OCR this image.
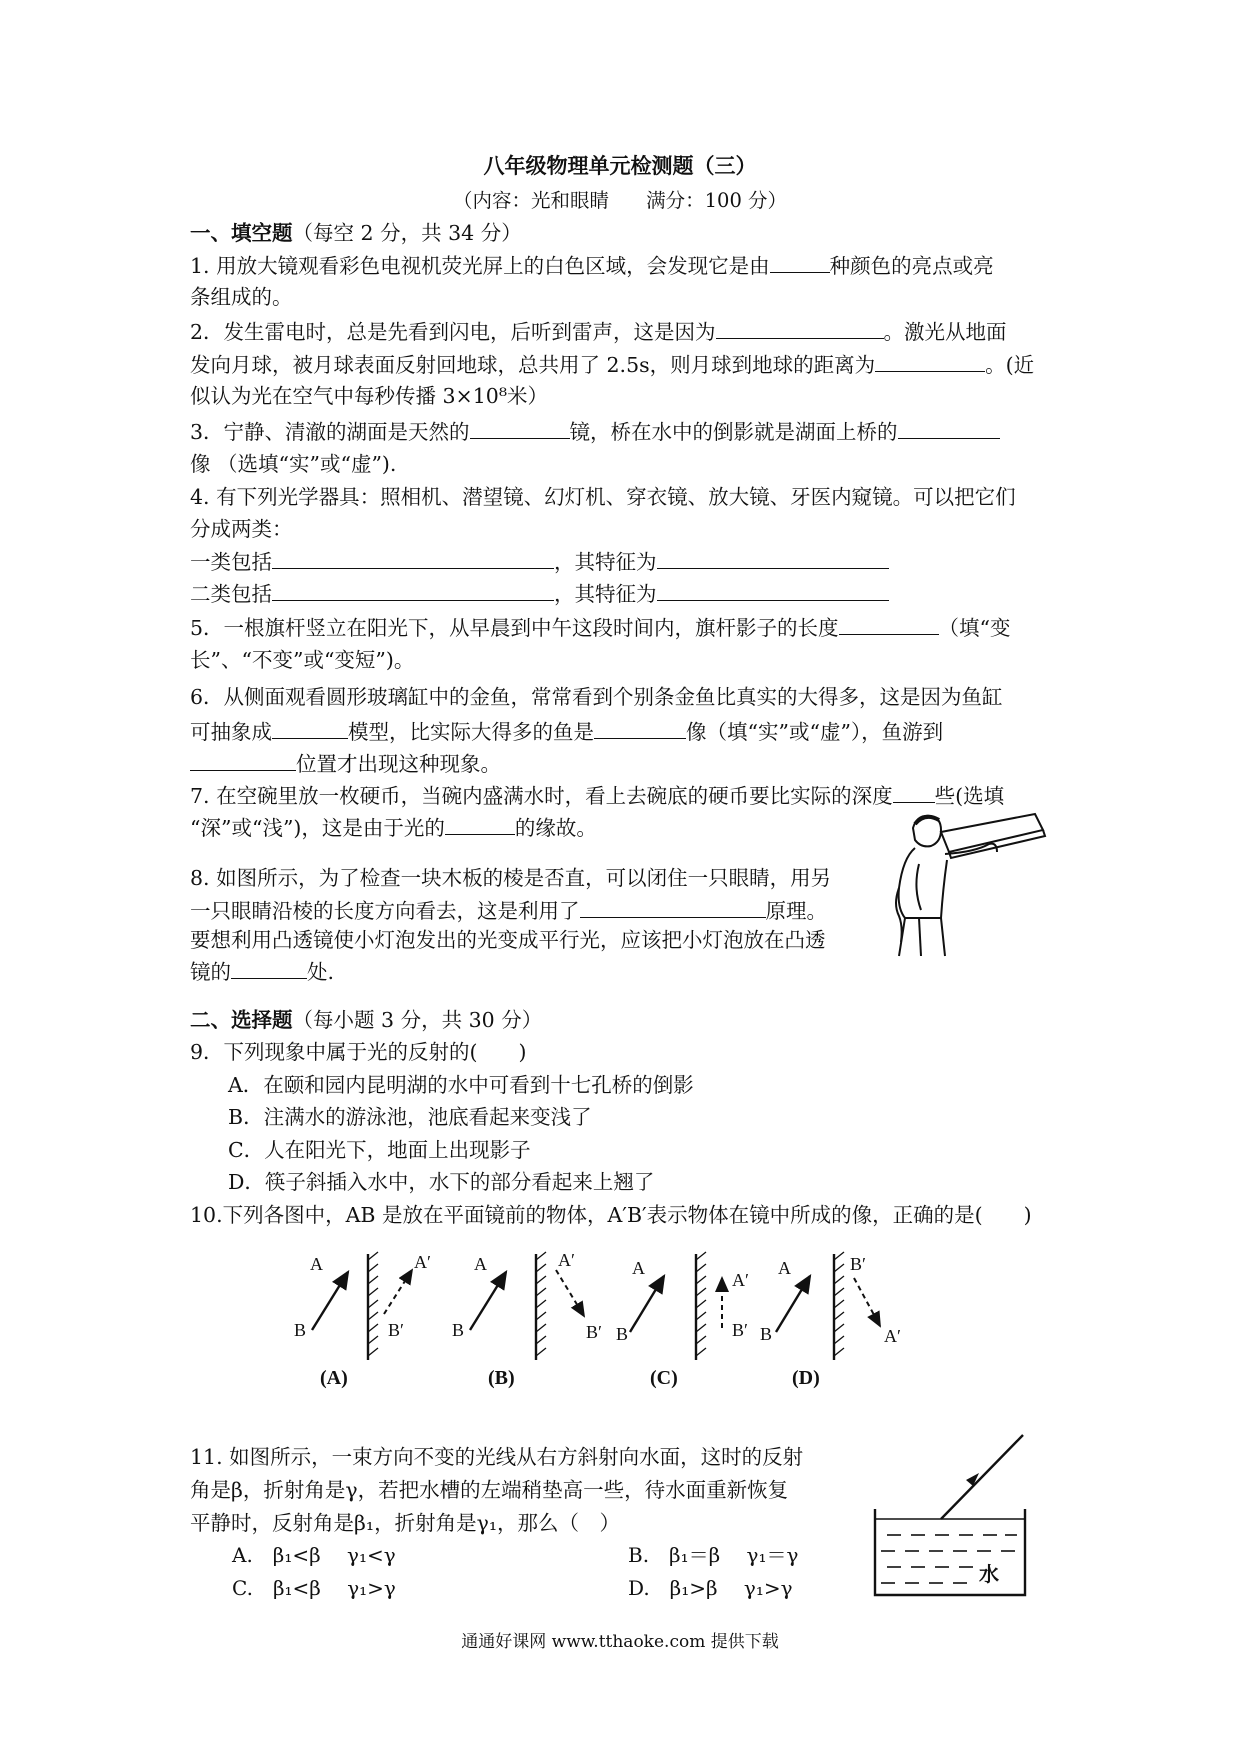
八年级物理单元检测题（三）
（内容：光和眼睛      满分：100 分）
一、填空题（每空 2 分，共 34 分）
1. 用放大镜观看彩色电视机荧光屏上的白色区域，会发现它是由	种颜色的亮点或亮
条组成的。
2．发生雷电时，总是先看到闪电，后听到雷声，这是因为	。激光从地面
发向月球，被月球表面反射回地球，总共用了 2.5s，则月球到地球的距离为	。(近
似认为光在空气中每秒传播 3×10⁸米）
3．宁静、清澈的湖面是天然的	镜，桥在水中的倒影就是湖面上桥的
像 （选填“实”或“虚”).
4. 有下列光学器具：照相机、潜望镜、幻灯机、穿衣镜、放大镜、牙医内窥镜。可以把它们
分成两类：
一类包括	，其特征为
二类包括	，其特征为
5．一根旗杆竖立在阳光下，从早晨到中午这段时间内，旗杆影子的长度	（填“变
长”、“不变”或“变短”)。
6．从侧面观看圆形玻璃缸中的金鱼，常常看到个别条金鱼比真实的大得多，这是因为鱼缸
可抽象成	模型，比实际大得多的鱼是	像（填“实”或“虚”），鱼游到
位置才出现这种现象。
7. 在空碗里放一枚硬币，当碗内盛满水时，看上去碗底的硬币要比实际的深度 些(选填
“深”或“浅”)，这是由于光的	的缘故。
8. 如图所示，为了检查一块木板的棱是否直，可以闭住一只眼睛，用另
一只眼睛沿棱的长度方向看去，这是利用了	原理。
要想利用凸透镜使小灯泡发出的光变成平行光，应该把小灯泡放在凸透
镜的	处.
二、选择题（每小题 3 分，共 30 分）
9．下列现象中属于光的反射的(　　)
A．在颐和园内昆明湖的水中可看到十七孔桥的倒影
B．注满水的游泳池，池底看起来变浅了
C．人在阳光下，地面上出现影子
D．筷子斜插入水中，水下的部分看起来上翘了
10.下列各图中，AB 是放在平面镜前的物体，A′B′表示物体在镜中所成的像，正确的是(　　)
A
B
A′
B′
(A)
A
B
A′
B′
(B)
A
B
A′
B′
(C)
A
B
B′
A′
(D)
11. 如图所示，一束方向不变的光线从右方斜射向水面，这时的反射
角是β，折射角是γ，若把水槽的左端稍垫高一些，待水面重新恢复
平静时，反射角是β₁，折射角是γ₁，那么（　）
A.　β₁<β　 γ₁<γ	B.　β₁＝β　 γ₁＝γ
C.　β₁<β　 γ₁>γ	D.　β₁>β　 γ₁>γ
水
通通好课网 www.tthaoke.com 提供下载
